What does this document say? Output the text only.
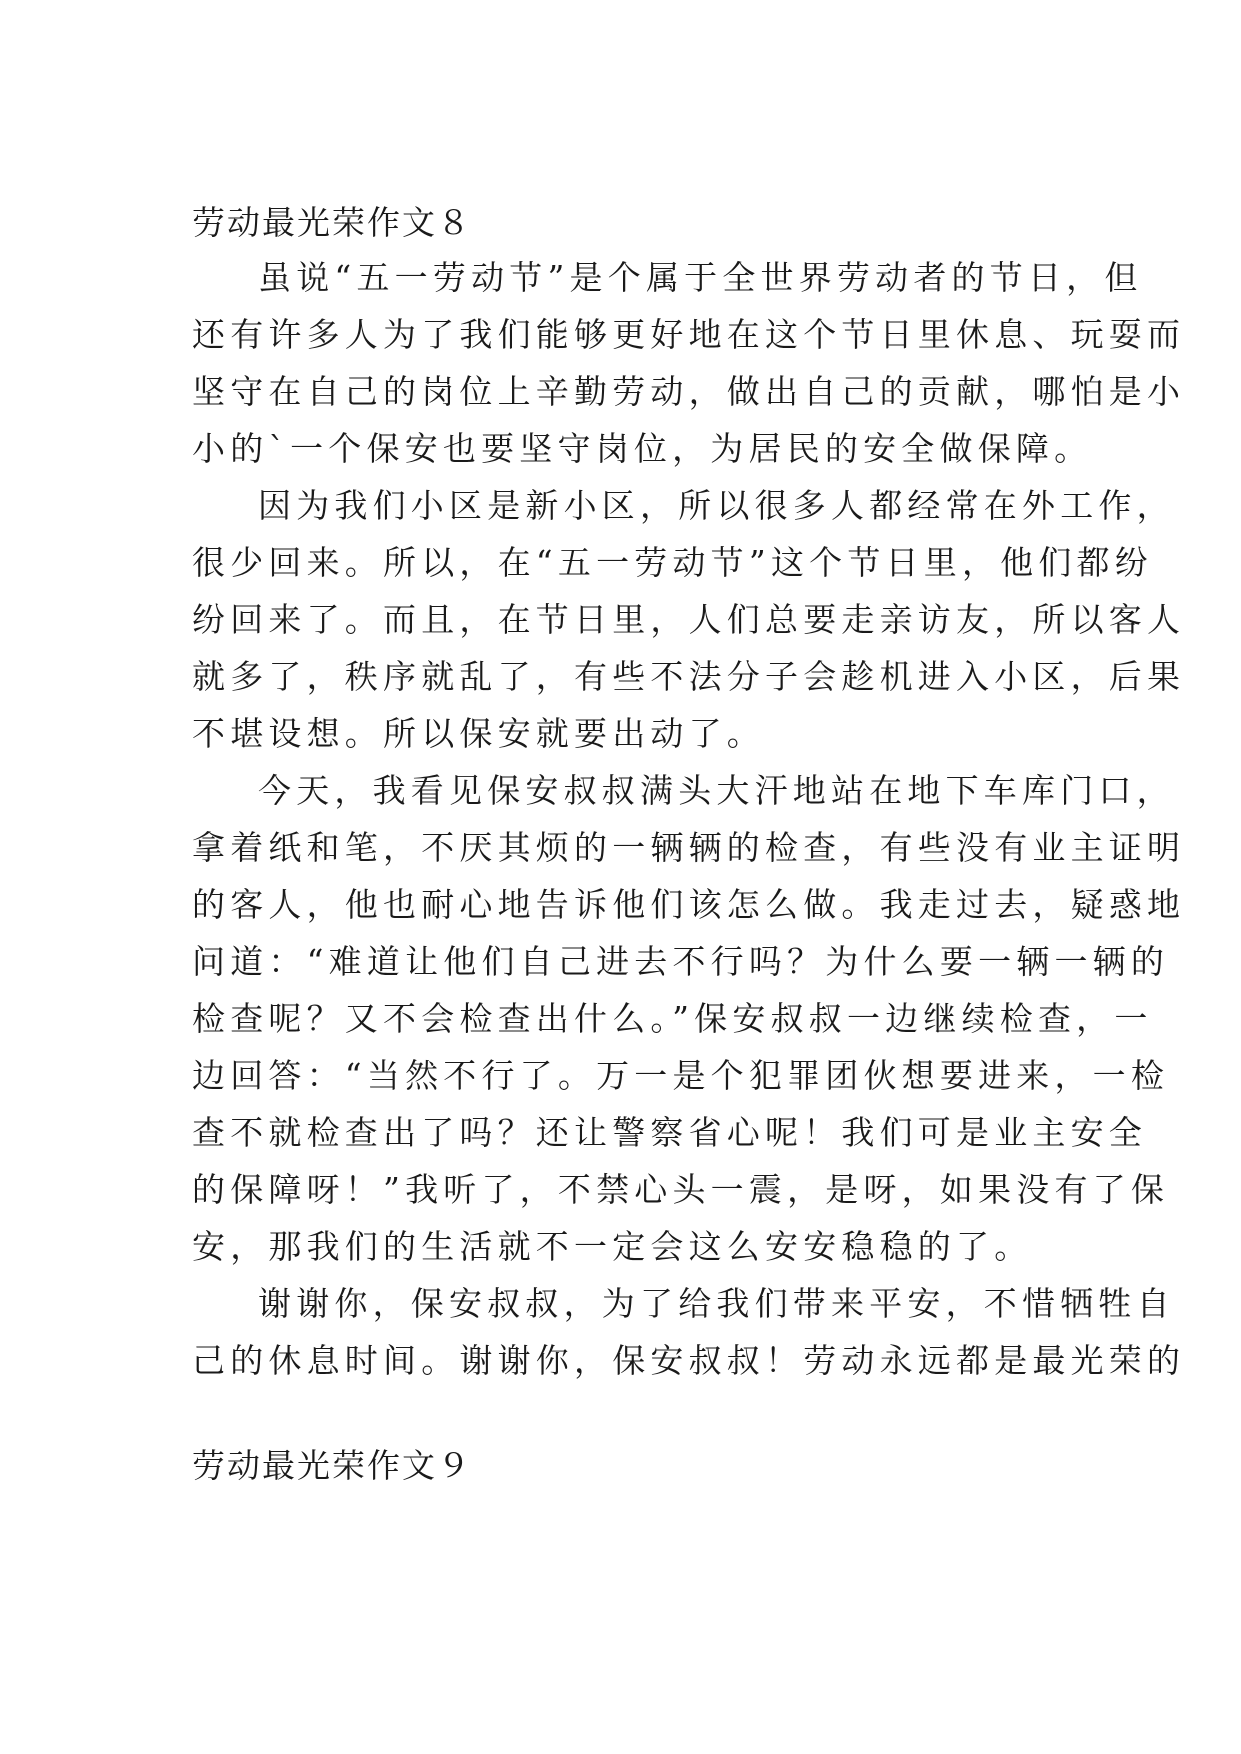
劳动最光荣作文８
虽说“五一劳动节”是个属于全世界劳动者的节日，但
还有许多人为了我们能够更好地在这个节日里休息、玩耍而
坚守在自己的岗位上辛勤劳动，做出自己的贡献，哪怕是小
小的`一个保安也要坚守岗位，为居民的安全做保障。
因为我们小区是新小区，所以很多人都经常在外工作，
很少回来。所以，在“五一劳动节”这个节日里，他们都纷
纷回来了。而且，在节日里，人们总要走亲访友，所以客人
就多了，秩序就乱了，有些不法分子会趁机进入小区，后果
不堪设想。所以保安就要出动了。
今天，我看见保安叔叔满头大汗地站在地下车库门口，
拿着纸和笔，不厌其烦的一辆辆的检查，有些没有业主证明
的客人，他也耐心地告诉他们该怎么做。我走过去，疑惑地
问道：“难道让他们自己进去不行吗？为什么要一辆一辆的
检查呢？又不会检查出什么。”保安叔叔一边继续检查，一
边回答：“当然不行了。万一是个犯罪团伙想要进来，一检
查不就检查出了吗？还让警察省心呢！我们可是业主安全
的保障呀！”我听了，不禁心头一震，是呀，如果没有了保
安，那我们的生活就不一定会这么安安稳稳的了。
谢谢你，保安叔叔，为了给我们带来平安，不惜牺牲自
己的休息时间。谢谢你，保安叔叔！劳动永远都是最光荣的
劳动最光荣作文９
